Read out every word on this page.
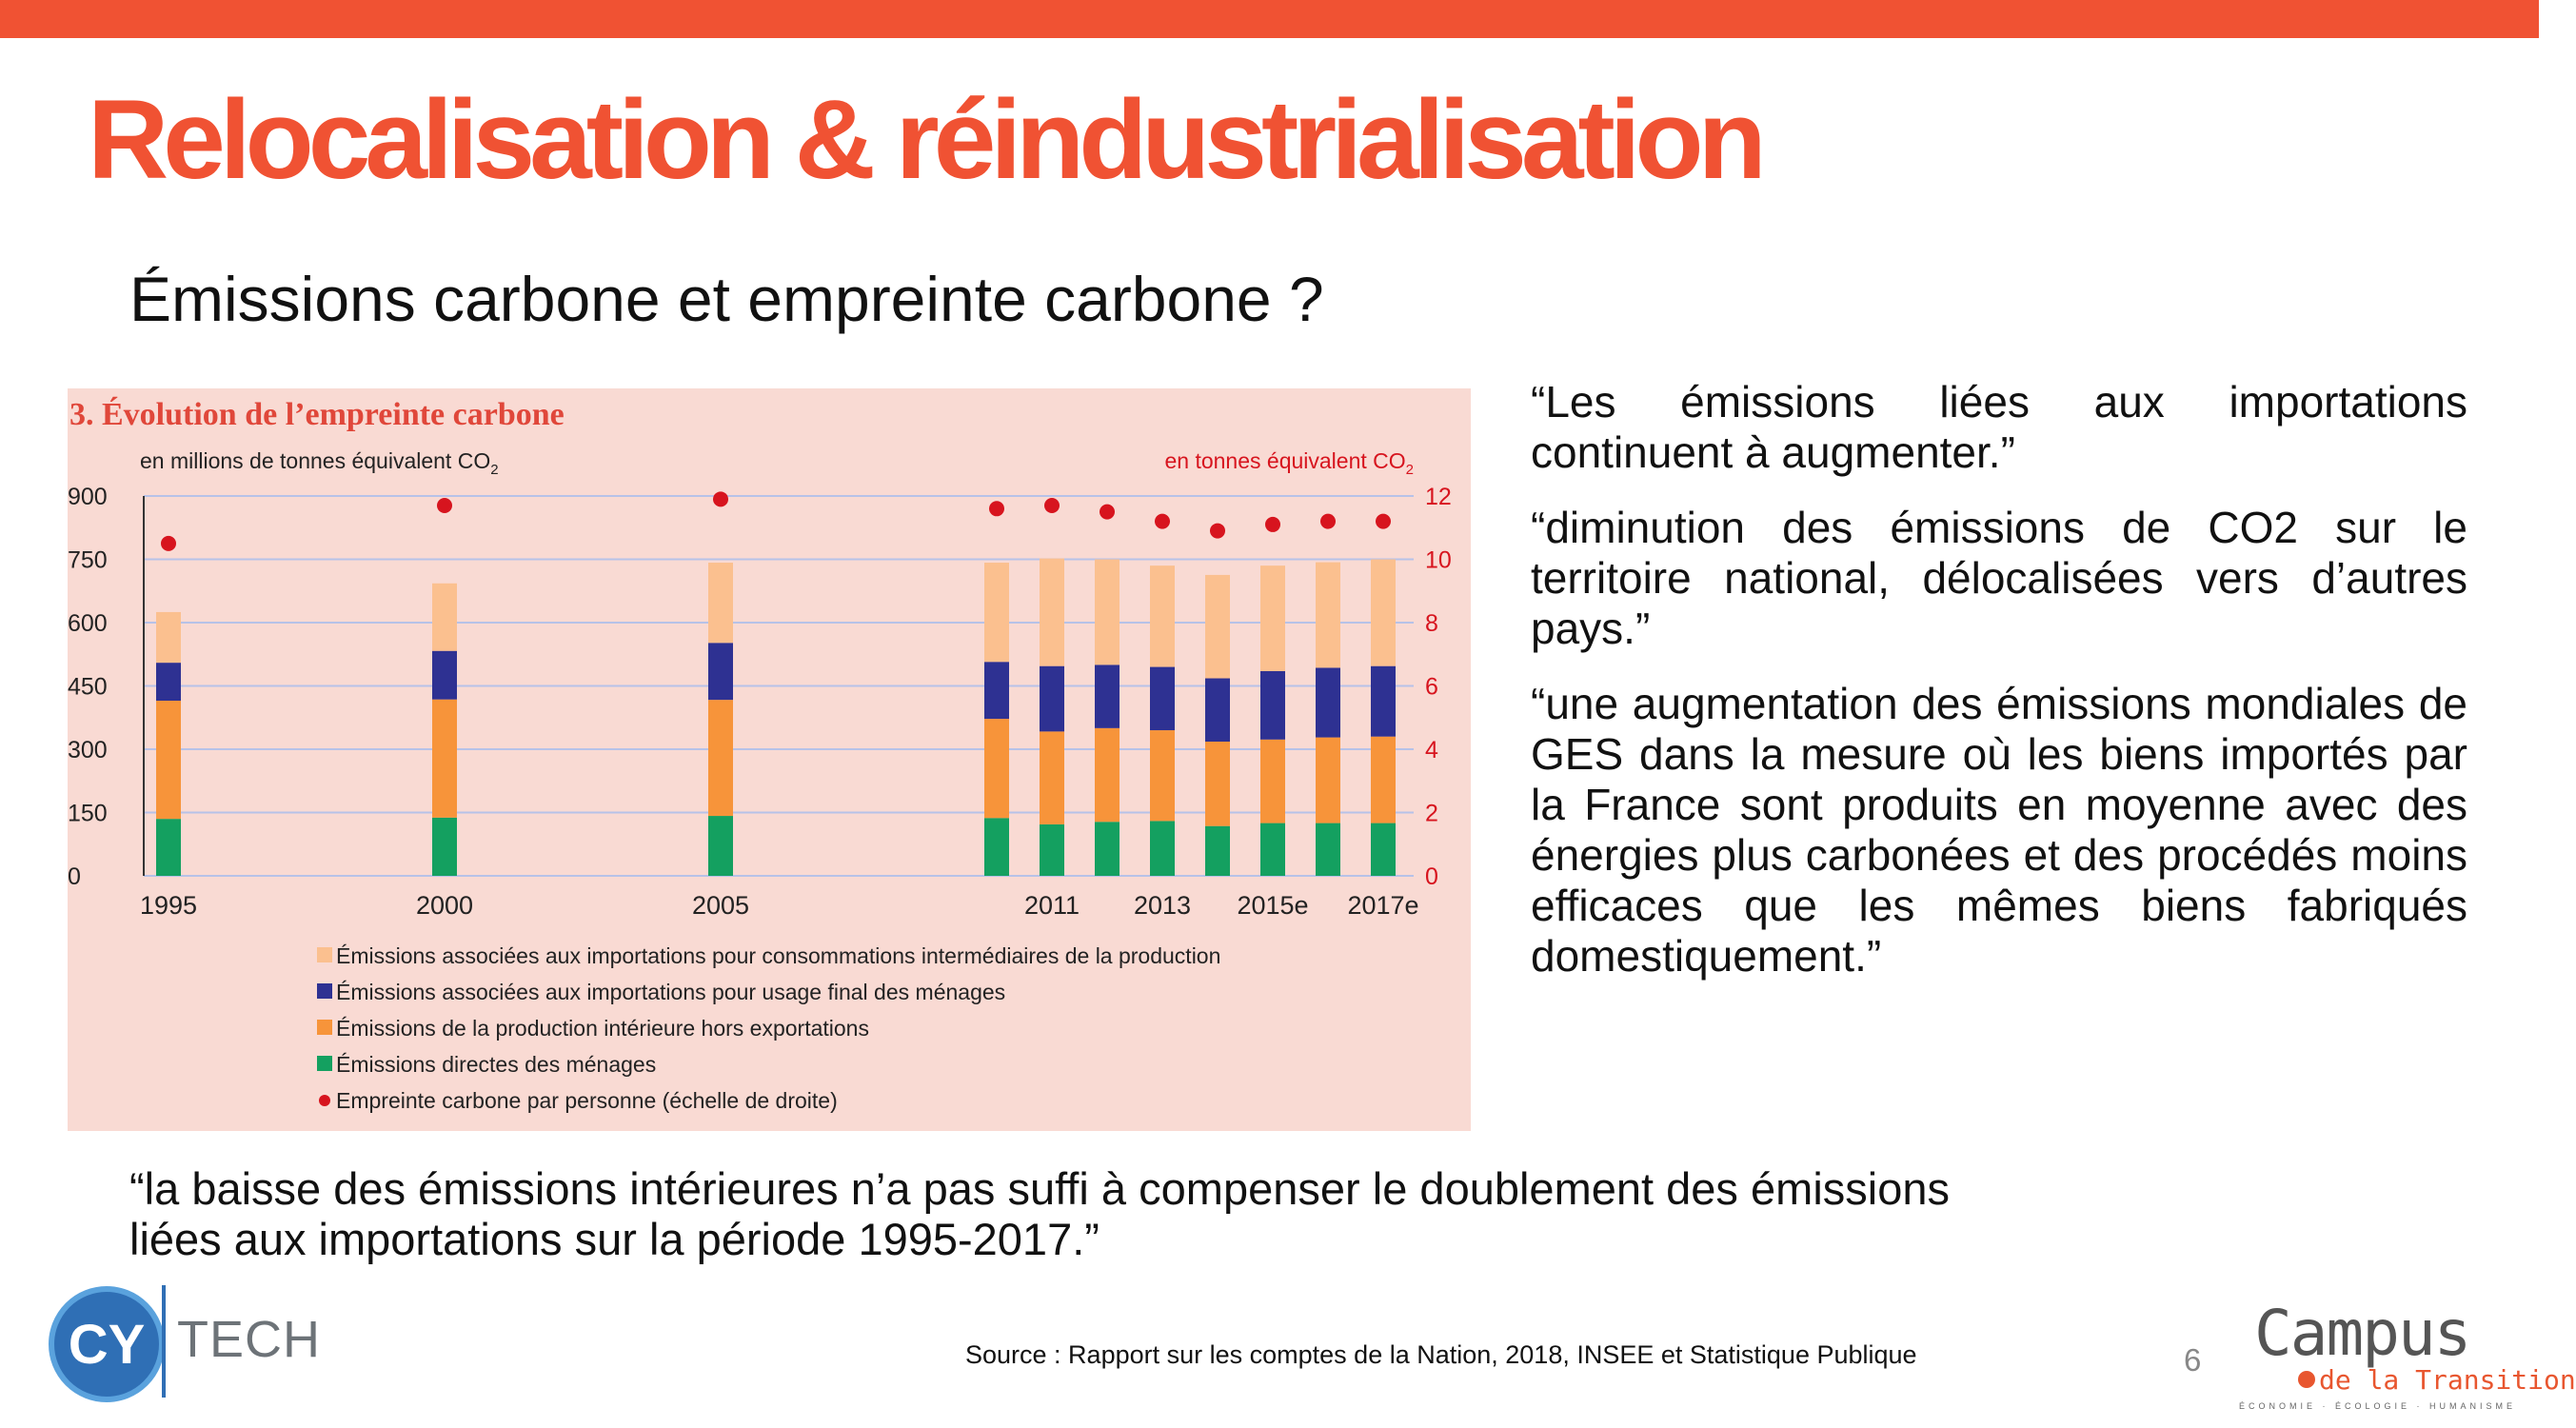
Relocalisation & réindustrialisation
Émissions carbone et empreinte carbone ?
3. Évolution de l’empreinte carbone
en millions de tonnes équivalent $CO_2$	en tonnes équivalent $CO_2$
0
150
300
450
600
750
900
0
2
4
6
8
10
12
1995	2000	2005	2011 2013 2015e 2017e
Émissions associées aux importations pour consommations intermédiaires de la production
Émissions associées aux importations pour usage final des ménages
Émissions de la production intérieure hors exportations
Émissions directes des ménages
Empreinte carbone par personne (échelle de droite)

“Les émissions liées aux importations continuent à augmenter.”

“diminution des émissions de CO2 sur le territoire national, délocalisées vers d’autres pays.”

“une augmentation des émissions mondiales de GES dans la mesure où les biens importés par la France sont produits en moyenne avec des énergies plus carbonées et des procédés moins efficaces que les mêmes biens fabriqués domestiquement.”

“la baisse des émissions intérieures n’a pas suffi à compenser le doublement des émissions liées aux importations sur la période 1995-2017.”

CY TECH	Source : Rapport sur les comptes de la Nation, 2018, INSEE et Statistique Publique	6 Campus
de la Transition
ÉCONOMIE · ÉCOLOGIE · HUMANISME
